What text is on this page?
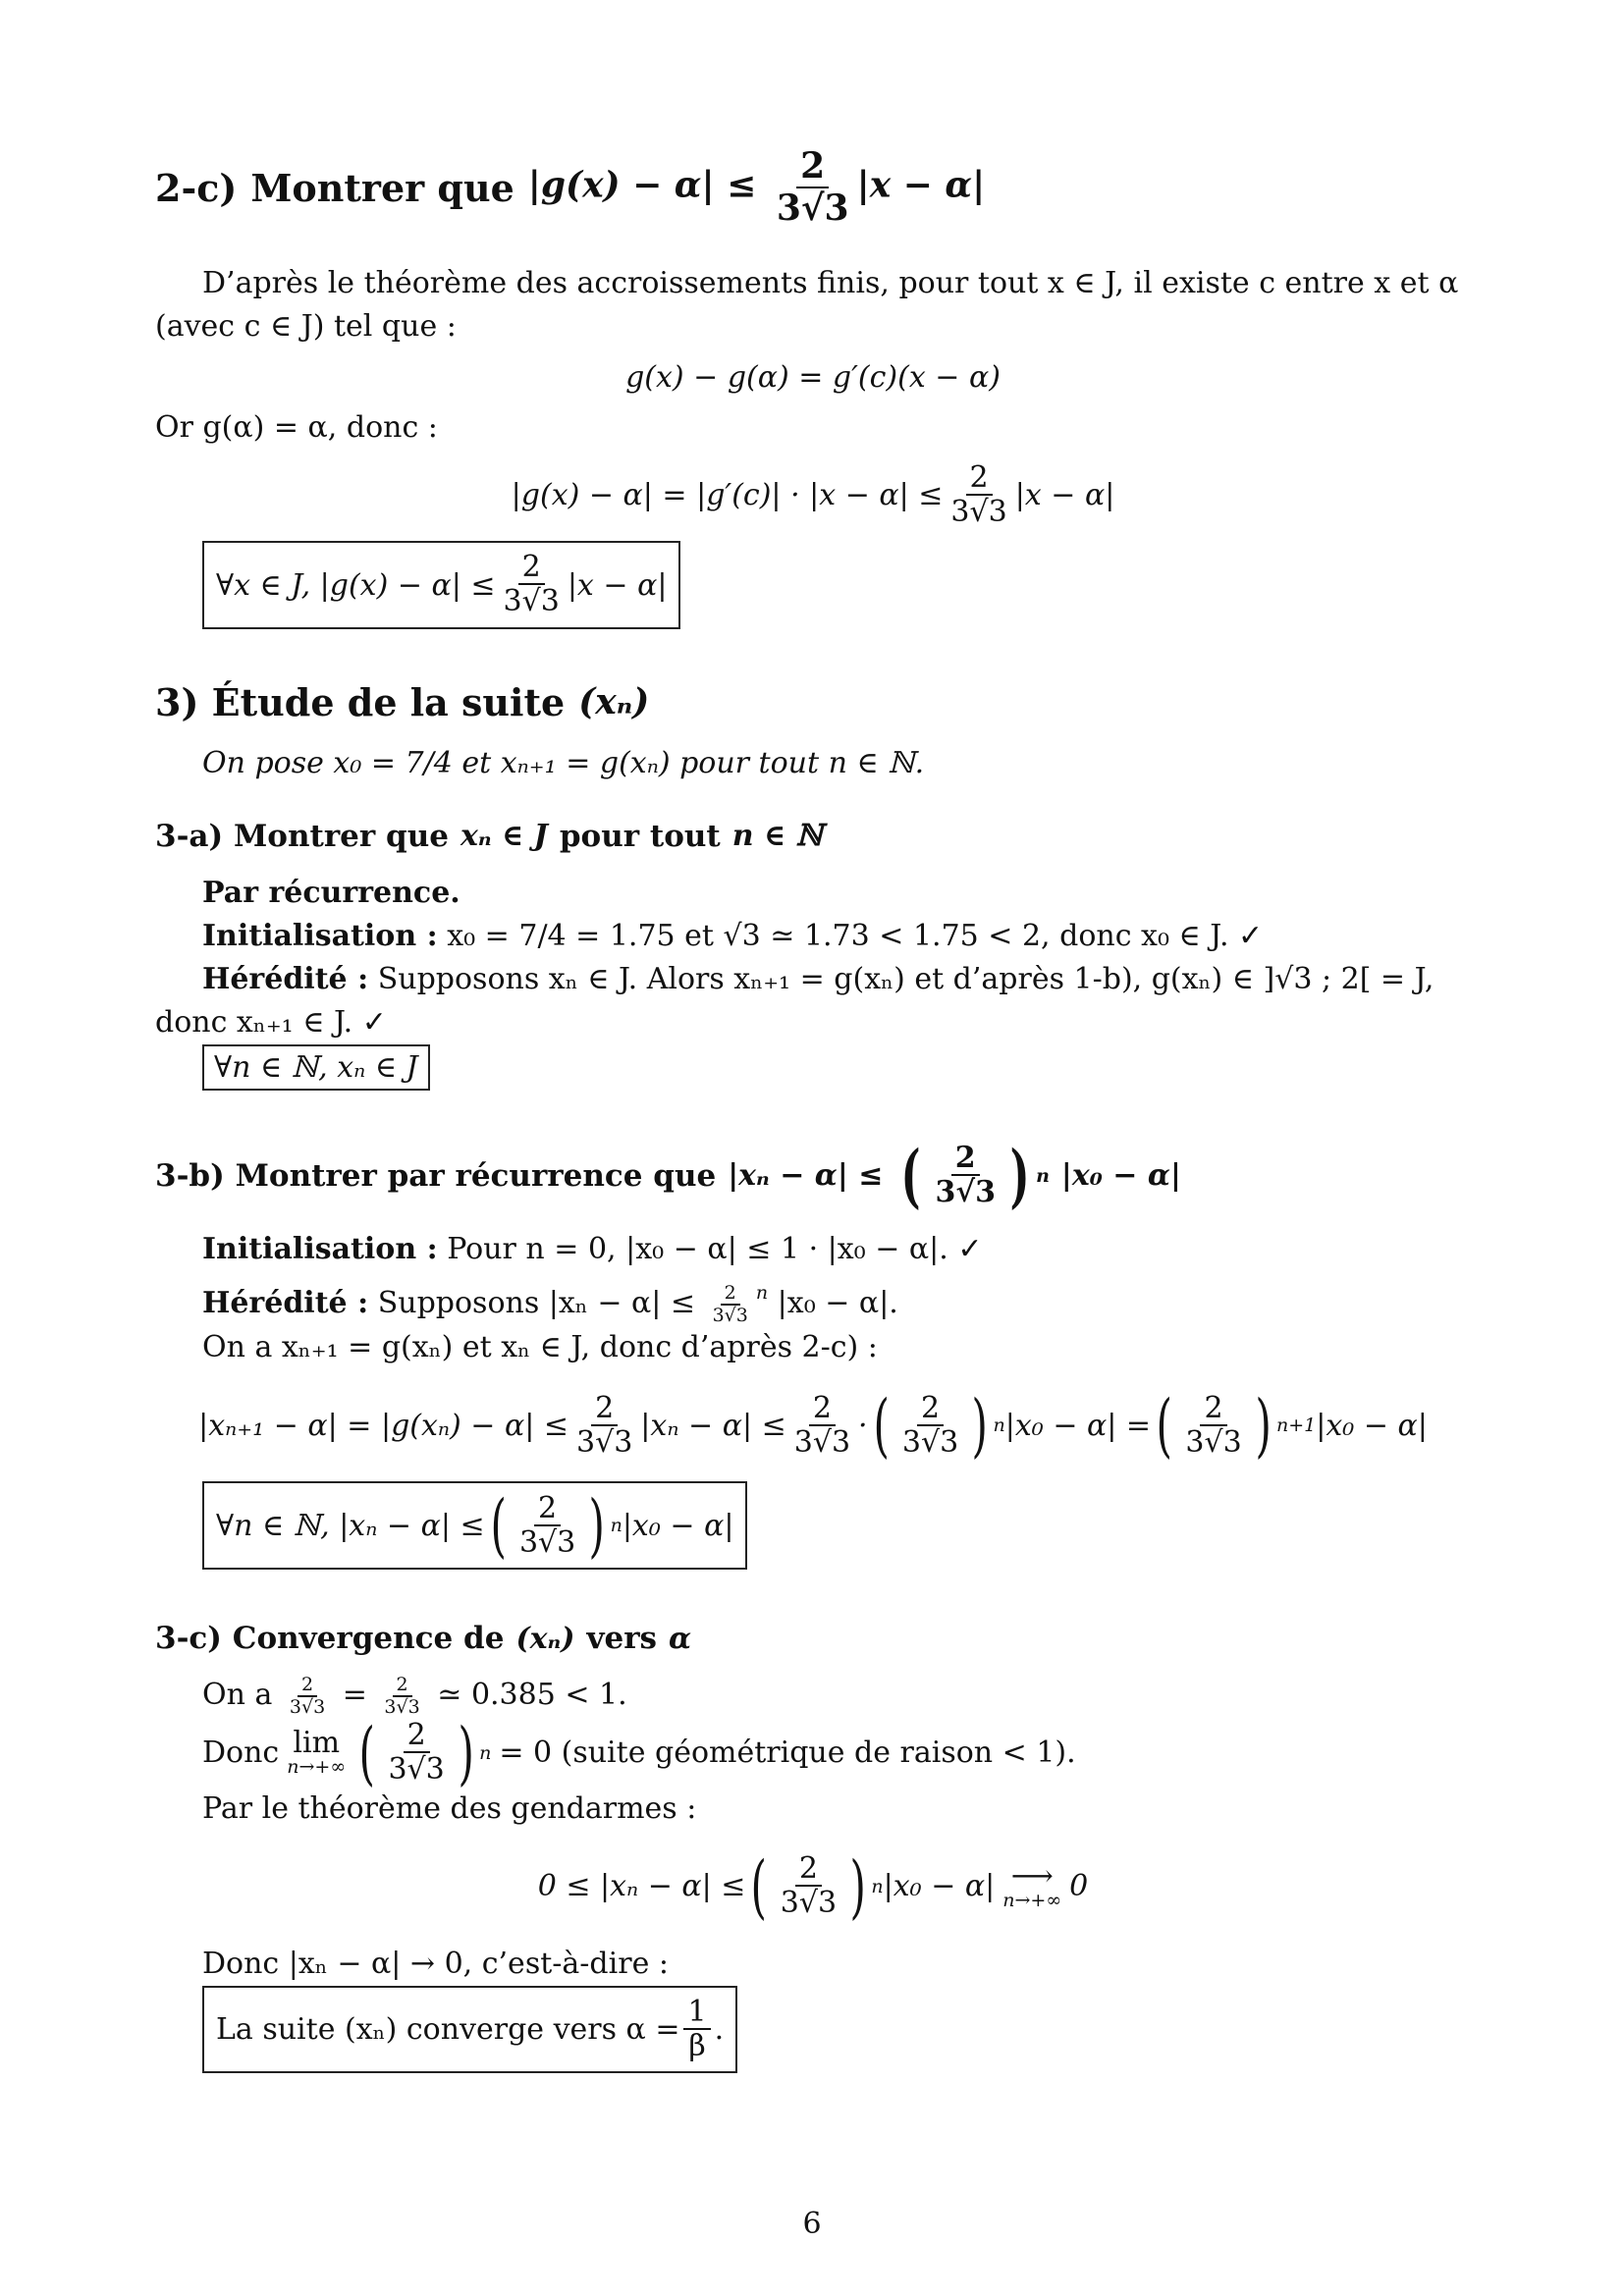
2-c) Montrer que $|g(x) - \alpha| \le \frac{2}{3√3} |x - \alpha|$
D’après le théorème des accroissements finis, pour tout x ∈ J, il existe c entre x et α (avec c ∈ J) tel que :
g(x) − g(α) = g′(c)(x − α)
Or g(α) = α, donc :
$|g(x) - \alpha| = |g'(c)| \cdot |x - \alpha| \le \frac{2}{3√3} |x - \alpha|$
∀x ∈ J, $|g(x) - \alpha| \le \frac{2}{3√3} |x - \alpha|$
3) Étude de la suite (xₙ)
On pose x₀ = 7/4 et xₙ₊₁ = g(xₙ) pour tout n ∈ ℕ.
3-a) Montrer que xₙ ∈ J pour tout n ∈ ℕ
Par récurrence.
Initialisation : x₀ = 7/4 = 1.75 et √3 ≃ 1.73 < 1.75 < 2, donc x₀ ∈ J. ✓
Hérédité : Supposons xₙ ∈ J. Alors xₙ₊₁ = g(xₙ) et d’après 1-b), g(xₙ) ∈ ]√3 ; 2[ = J, donc xₙ₊₁ ∈ J. ✓
∀n ∈ ℕ, xₙ ∈ J
3-b) Montrer par récurrence que |xₙ − α| ≤ ( $\frac{2}{3√3}$ ) n |x₀ − α|
Initialisation : Pour n = 0, |x₀ − α| ≤ 1 · |x₀ − α|. ✓
Hérédité : Supposons $|x_n - \alpha| \le \frac{2}{3√3} ^n$ |x₀ − α|.
On a xₙ₊₁ = g(xₙ) et xₙ ∈ J, donc d’après 2-c) :
$|x_{n+1} - \alpha| = |g(x_n) - \alpha| \le \frac{2}{3√3} |x_n - \alpha| \le \frac{2}{3√3}$ · ( $\frac{2}{3√3}$ ) n |x₀ − α| = ( $\frac{2}{3√3}$ ) n+1 |x₀ − α|
∀n ∈ ℕ, |xₙ − α| ≤ ( $\frac{2}{3√3}$ ) n |x₀ − α|
3-c) Convergence de (xₙ) vers α
On a $\frac{2}{3√3} = \frac{2}{3√3}$ ≃ 0.385 < 1.
Donc lim
n→+∞ ( $\frac{2}{3√3}$ ) n = 0 (suite géométrique de raison < 1).
Par le théorème des gendarmes :
0 ≤ |xₙ − α| ≤ ( $\frac{2}{3√3}$ ) n |x₀ − α| ⟶
n→+∞ 0
Donc |xₙ − α| → 0, c’est-à-dire :
La suite (xₙ) converge vers $\alpha = \frac{1}{\beta}$ .
6
